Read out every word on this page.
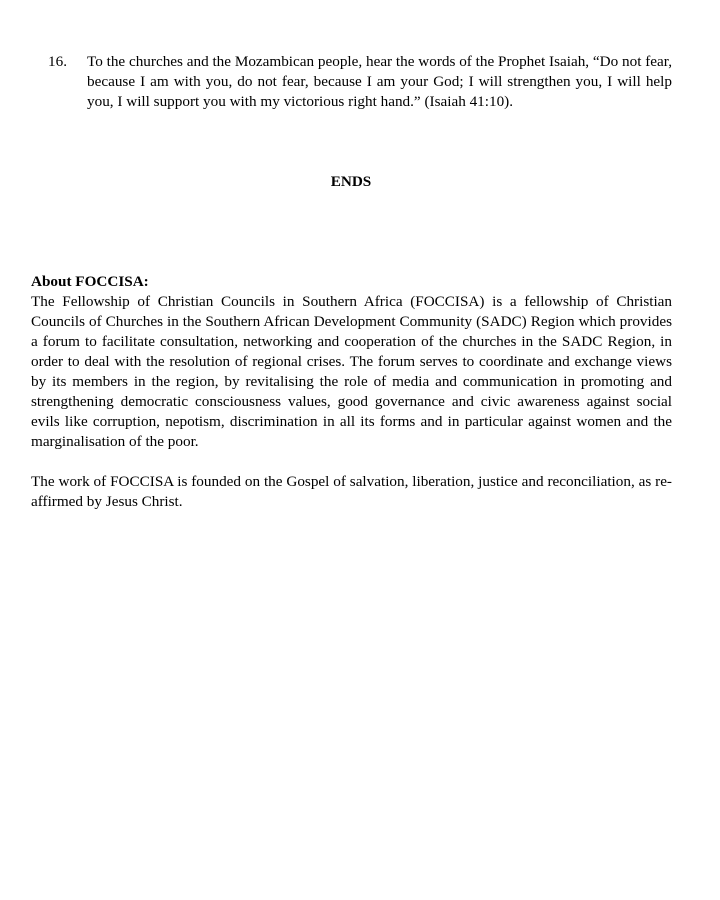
16.	To the churches and the Mozambican people, hear the words of the Prophet Isaiah, “Do not fear, because I am with you, do not fear, because I am your God; I will strengthen you, I will help you, I will support you with my victorious right hand.” (Isaiah 41:10).
ENDS

About FOCCISA:

The Fellowship of Christian Councils in Southern Africa (FOCCISA) is a fellowship of Christian Councils of Churches in the Southern African Development Community (SADC) Region which provides a forum to facilitate consultation, networking and cooperation of the churches in the SADC Region, in order to deal with the resolution of regional crises. The forum serves to coordinate and exchange views by its members in the region, by revitalising the role of media and communication in promoting and strengthening democratic consciousness values, good governance and civic awareness against social evils like corruption, nepotism, discrimination in all its forms and in particular against women and the marginalisation of the poor.

The work of FOCCISA is founded on the Gospel of salvation, liberation, justice and reconciliation, as re-affirmed by Jesus Christ.
